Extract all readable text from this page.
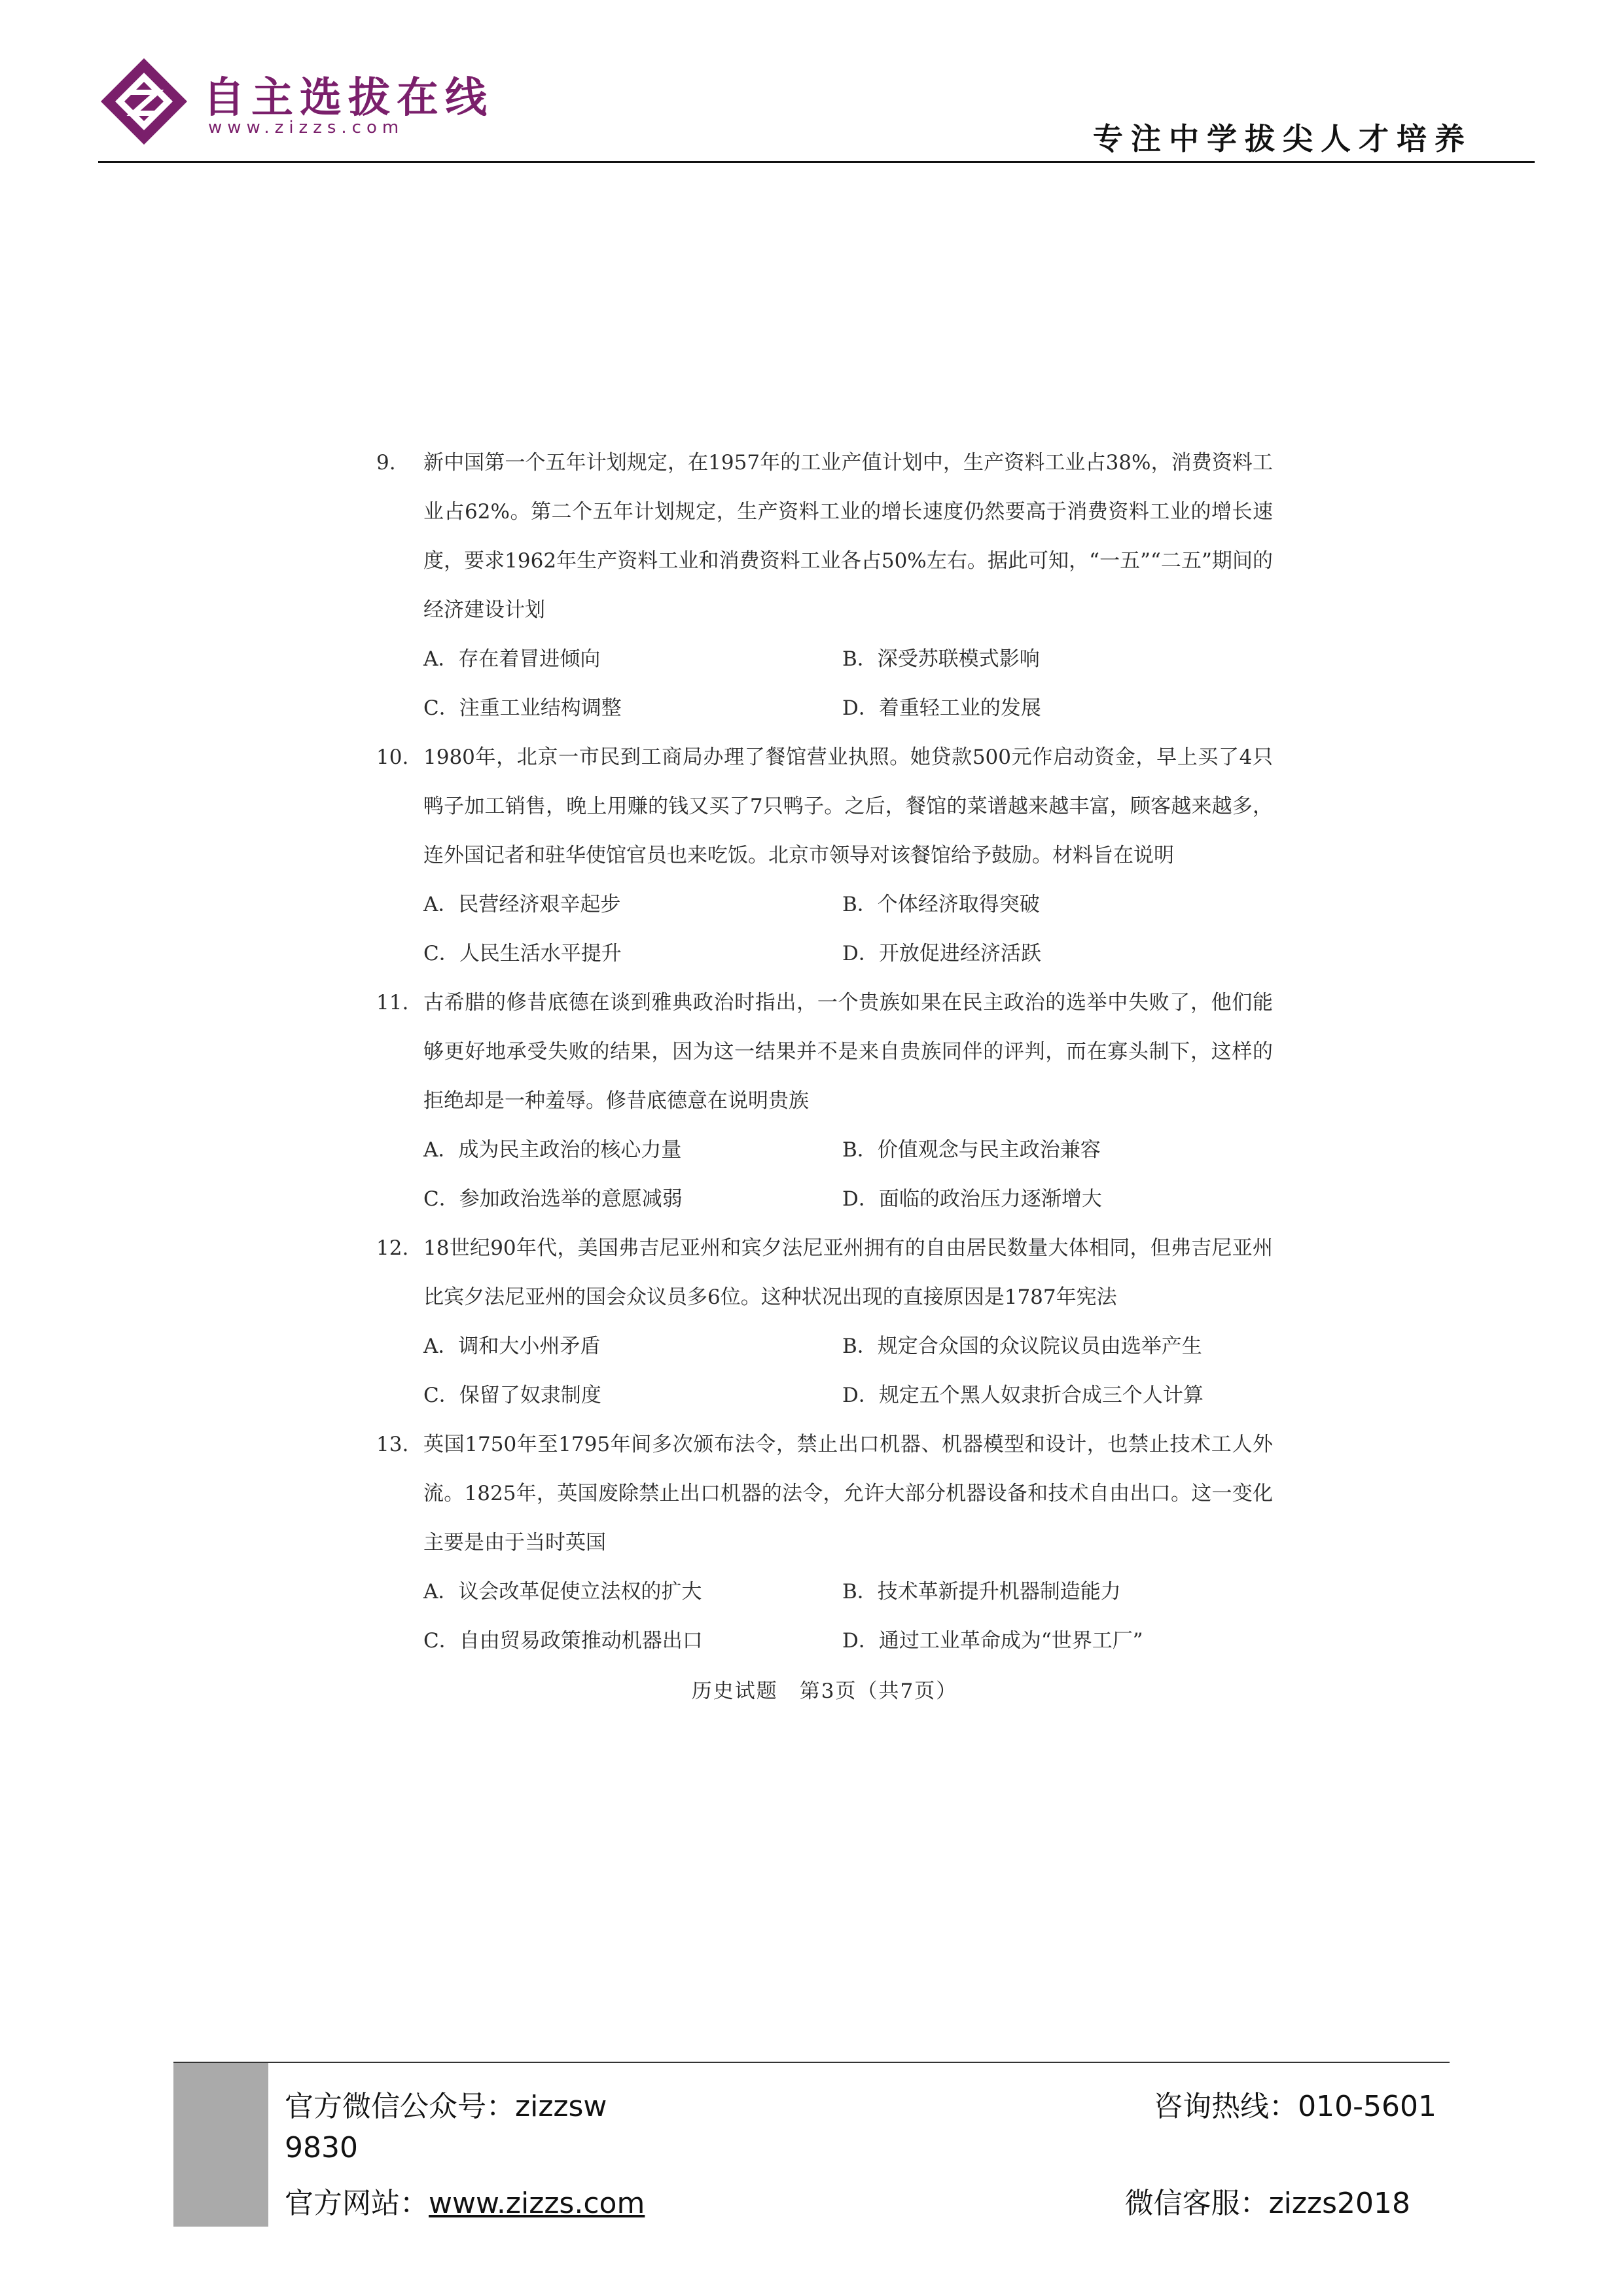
自主选拔在线
www.zizzs.com	专注中学拔尖人才培养
9. 新中国第一个五年计划规定，在1957年的工业产值计划中，生产资料工业占38%，消费资料工业占62%。第二个五年计划规定，生产资料工业的增长速度仍然要高于消费资料工业的增长速度，要求1962年生产资料工业和消费资料工业各占50%左右。据此可知，“一五”“二五”期间的经济建设计划
A．存在着冒进倾向	B．深受苏联模式影响
C．注重工业结构调整	D．着重轻工业的发展
10. 1980年，北京一市民到工商局办理了餐馆营业执照。她贷款500元作启动资金，早上买了4只鸭子加工销售，晚上用赚的钱又买了7只鸭子。之后，餐馆的菜谱越来越丰富，顾客越来越多，连外国记者和驻华使馆官员也来吃饭。北京市领导对该餐馆给予鼓励。材料旨在说明
A．民营经济艰辛起步	B．个体经济取得突破
C．人民生活水平提升	D．开放促进经济活跃
11. 古希腊的修昔底德在谈到雅典政治时指出，一个贵族如果在民主政治的选举中失败了，他们能够更好地承受失败的结果，因为这一结果并不是来自贵族同伴的评判，而在寡头制下，这样的拒绝却是一种羞辱。修昔底德意在说明贵族
A．成为民主政治的核心力量	B．价值观念与民主政治兼容
C．参加政治选举的意愿减弱	D．面临的政治压力逐渐增大
12. 18世纪90年代，美国弗吉尼亚州和宾夕法尼亚州拥有的自由居民数量大体相同，但弗吉尼亚州比宾夕法尼亚州的国会众议员多6位。这种状况出现的直接原因是1787年宪法
A．调和大小州矛盾	B．规定合众国的众议院议员由选举产生
C．保留了奴隶制度	D．规定五个黑人奴隶折合成三个人计算
13. 英国1750年至1795年间多次颁布法令，禁止出口机器、机器模型和设计，也禁止技术工人外流。1825年，英国废除禁止出口机器的法令，允许大部分机器设备和技术自由出口。这一变化主要是由于当时英国
A．议会改革促使立法权的扩大	B．技术革新提升机器制造能力
C．自由贸易政策推动机器出口	D．通过工业革命成为“世界工厂”
历史试题　第3页（共7页）
官方微信公众号：zizzsw
9830
官方网站：www.zizzs.com
咨询热线：010-5601
微信客服：zizzs2018
